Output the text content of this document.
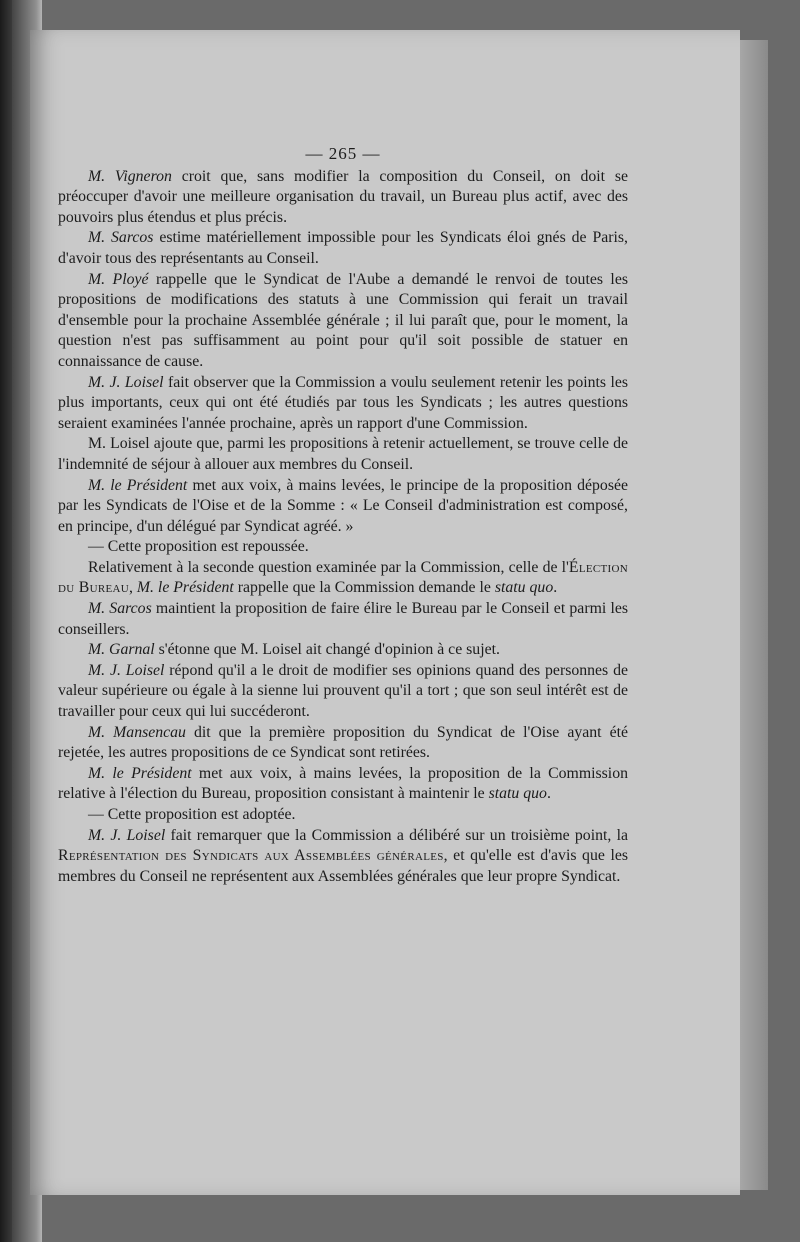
— 265 —

M. Vigneron croit que, sans modifier la composition du Conseil, on doit se préoccuper d'avoir une meilleure organisation du travail, un Bureau plus actif, avec des pouvoirs plus étendus et plus précis.

M. Sarcos estime matériellement impossible pour les Syndicats éloi gnés de Paris, d'avoir tous des représentants au Conseil.

M. Ployé rappelle que le Syndicat de l'Aube a demandé le renvoi de toutes les propositions de modifications des statuts à une Commission qui ferait un travail d'ensemble pour la prochaine Assemblée générale ; il lui paraît que, pour le moment, la question n'est pas suffisamment au point pour qu'il soit possible de statuer en connaissance de cause.

M. J. Loisel fait observer que la Commission a voulu seulement retenir les points les plus importants, ceux qui ont été étudiés par tous les Syndicats ; les autres questions seraient examinées l'année prochaine, après un rapport d'une Commission.

M. Loisel ajoute que, parmi les propositions à retenir actuellement, se trouve celle de l'indemnité de séjour à allouer aux membres du Conseil.

M. le Président met aux voix, à mains levées, le principe de la proposition déposée par les Syndicats de l'Oise et de la Somme : « Le Conseil d'administration est composé, en principe, d'un délégué par Syndicat agréé. »

— Cette proposition est repoussée.

Relativement à la seconde question examinée par la Commission, celle de l'Élection du Bureau, M. le Président rappelle que la Commission demande le statu quo.

M. Sarcos maintient la proposition de faire élire le Bureau par le Conseil et parmi les conseillers.

M. Garnal s'étonne que M. Loisel ait changé d'opinion à ce sujet.

M. J. Loisel répond qu'il a le droit de modifier ses opinions quand des personnes de valeur supérieure ou égale à la sienne lui prouvent qu'il a tort ; que son seul intérêt est de travailler pour ceux qui lui succéderont.

M. Mansencau dit que la première proposition du Syndicat de l'Oise ayant été rejetée, les autres propositions de ce Syndicat sont retirées.

M. le Président met aux voix, à mains levées, la proposition de la Commission relative à l'élection du Bureau, proposition consistant à maintenir le statu quo.

— Cette proposition est adoptée.

M. J. Loisel fait remarquer que la Commission a délibéré sur un troisième point, la Représentation des Syndicats aux Assemblées générales, et qu'elle est d'avis que les membres du Conseil ne représentent aux Assemblées générales que leur propre Syndicat.
